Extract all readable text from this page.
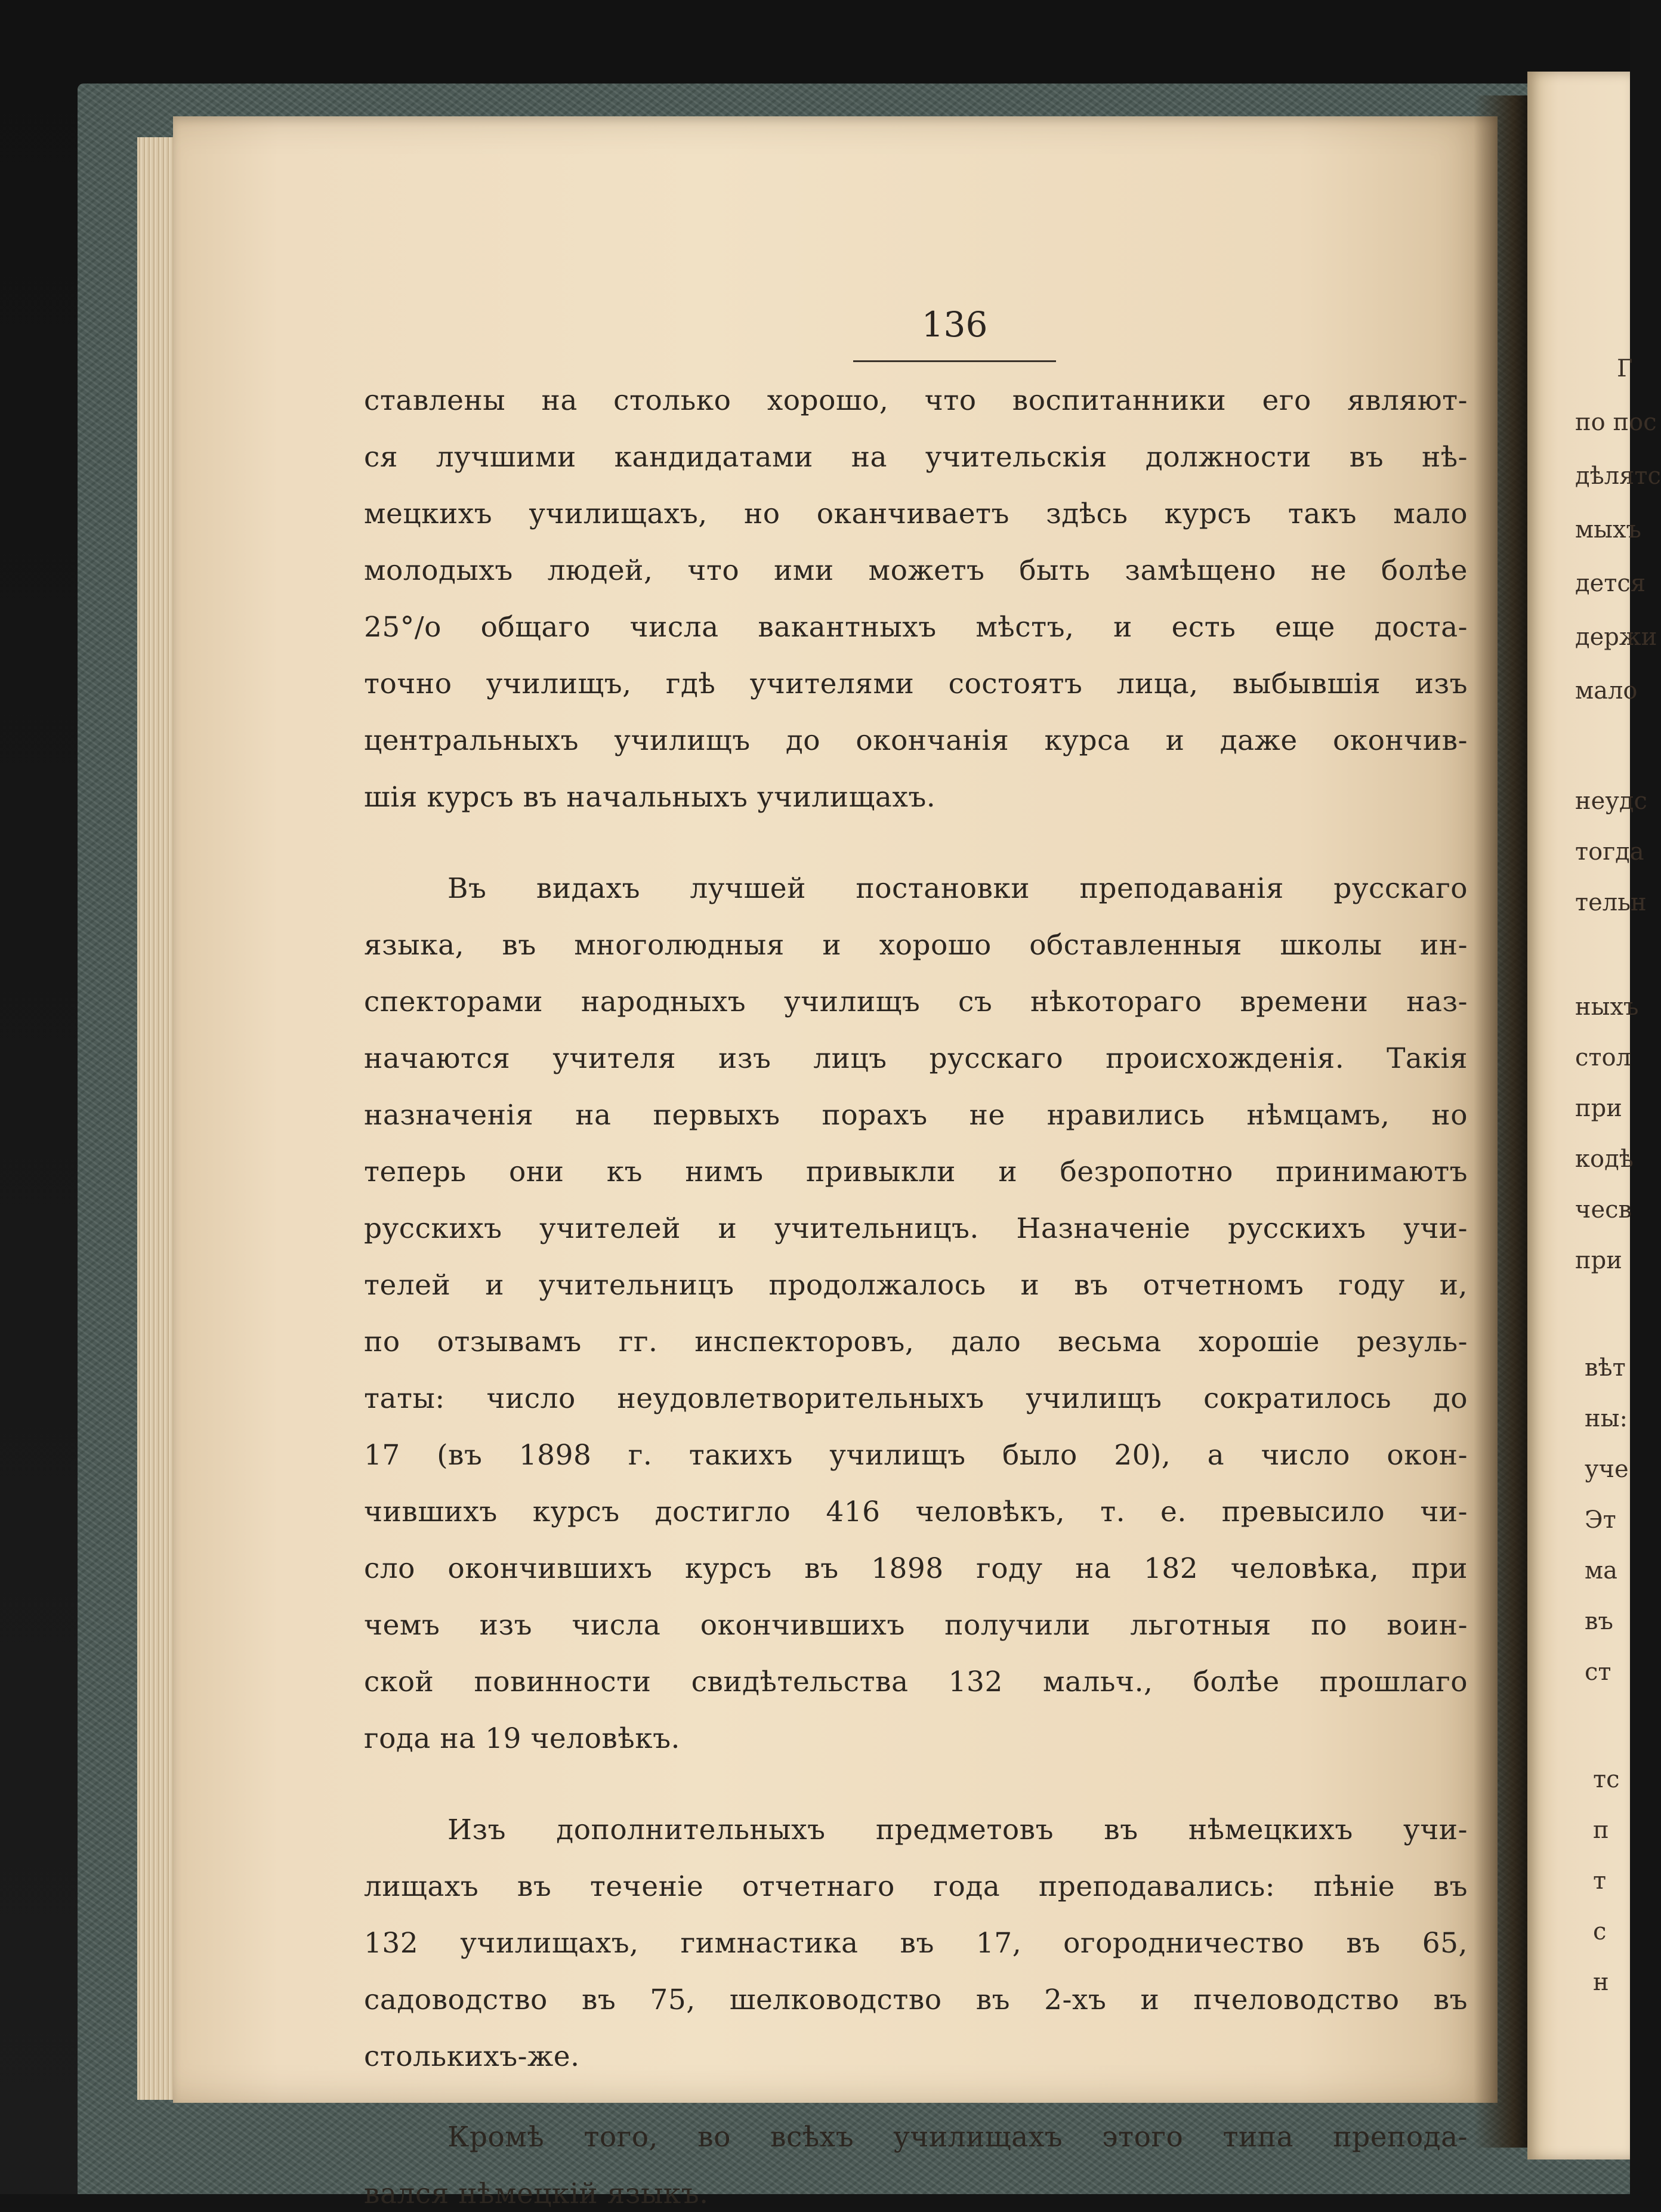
136
ставлены на столько хорошо, что воспитанники его являют-
ся лучшими кандидатами на учительскія должности въ нѣ-
мецкихъ училищахъ, но оканчиваетъ здѣсь курсъ такъ мало
молодыхъ людей, что ими можетъ быть замѣщено не болѣе
25°/о общаго числа вакантныхъ мѣстъ, и есть еще доста-
точно училищъ, гдѣ учителями состоятъ лица, выбывшія изъ
центральныхъ училищъ до окончанія курса и даже окончив-
шія курсъ въ начальныхъ училищахъ.
Въ видахъ лучшей постановки преподаванія русскаго
языка, въ многолюдныя и хорошо обставленныя школы ин-
спекторами народныхъ училищъ съ нѣкотораго времени наз-
начаются учителя изъ лицъ русскаго происхожденія. Такія
назначенія на первыхъ порахъ не нравились нѣмцамъ, но
теперь они къ нимъ привыкли и безропотно принимаютъ
русскихъ учителей и учительницъ. Назначеніе русскихъ учи-
телей и учительницъ продолжалось и въ отчетномъ году и,
по отзывамъ гг. инспекторовъ, дало весьма хорошіе резуль-
таты: число неудовлетворительныхъ училищъ сократилось до
17 (въ 1898 г. такихъ училищъ было 20), а число окон-
чившихъ курсъ достигло 416 человѣкъ, т. е. превысило чи-
сло окончившихъ курсъ въ 1898 году на 182 человѣка, при
чемъ изъ числа окончившихъ получили льготныя по воин-
ской повинности свидѣтельства 132 мальч., болѣе прошлаго
года на 19 человѣкъ.
Изъ дополнительныхъ предметовъ въ нѣмецкихъ учи-
лищахъ въ теченіе отчетнаго года преподавались: пѣніе въ
132 училищахъ, гимнастика въ 17, огородничество въ 65,
садоводство въ 75, шелководство въ 2-хъ и пчеловодство въ
столькихъ-же.
Кромѣ того, во всѣхъ училищахъ этого типа препода-
вался нѣмецкій языкъ.
Г
по пос
дѣлятс
мыхъ
дется
держи
мало
неудс
тогда
тельн
ныхъ
стол
при
кодѣ
чесв
при
вѣт
ны:
уче
Эт
ма
въ
ст
тс
п
т
с
н
